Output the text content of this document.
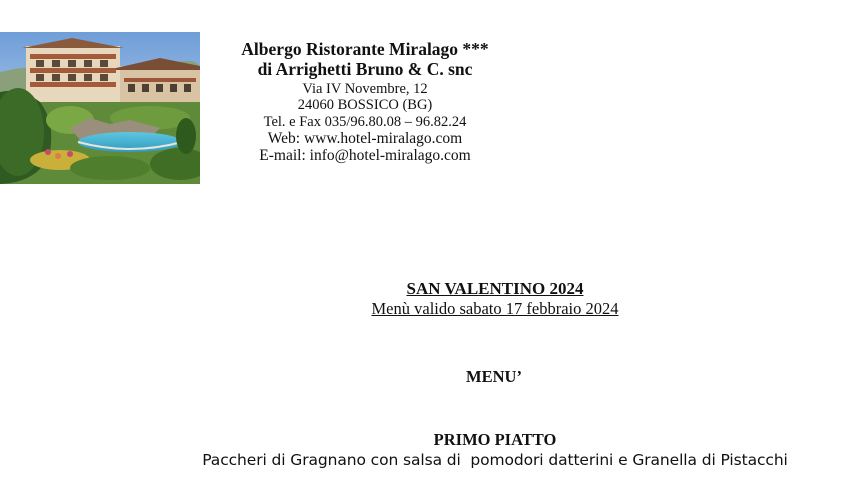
Albergo Ristorante Miralago ***
di Arrighetti Bruno & C. snc
Via IV Novembre, 12
24060 BOSSICO (BG)
Tel. e Fax 035/96.80.08 – 96.82.24
Web: www.hotel-miralago.com
E-mail: info@hotel-miralago.com
SAN VALENTINO 2024
Menù valido sabato 17 febbraio 2024
MENU’
PRIMO PIATTO
Paccheri di Gragnano con salsa di  pomodori datterini e Granella di Pistacchi
